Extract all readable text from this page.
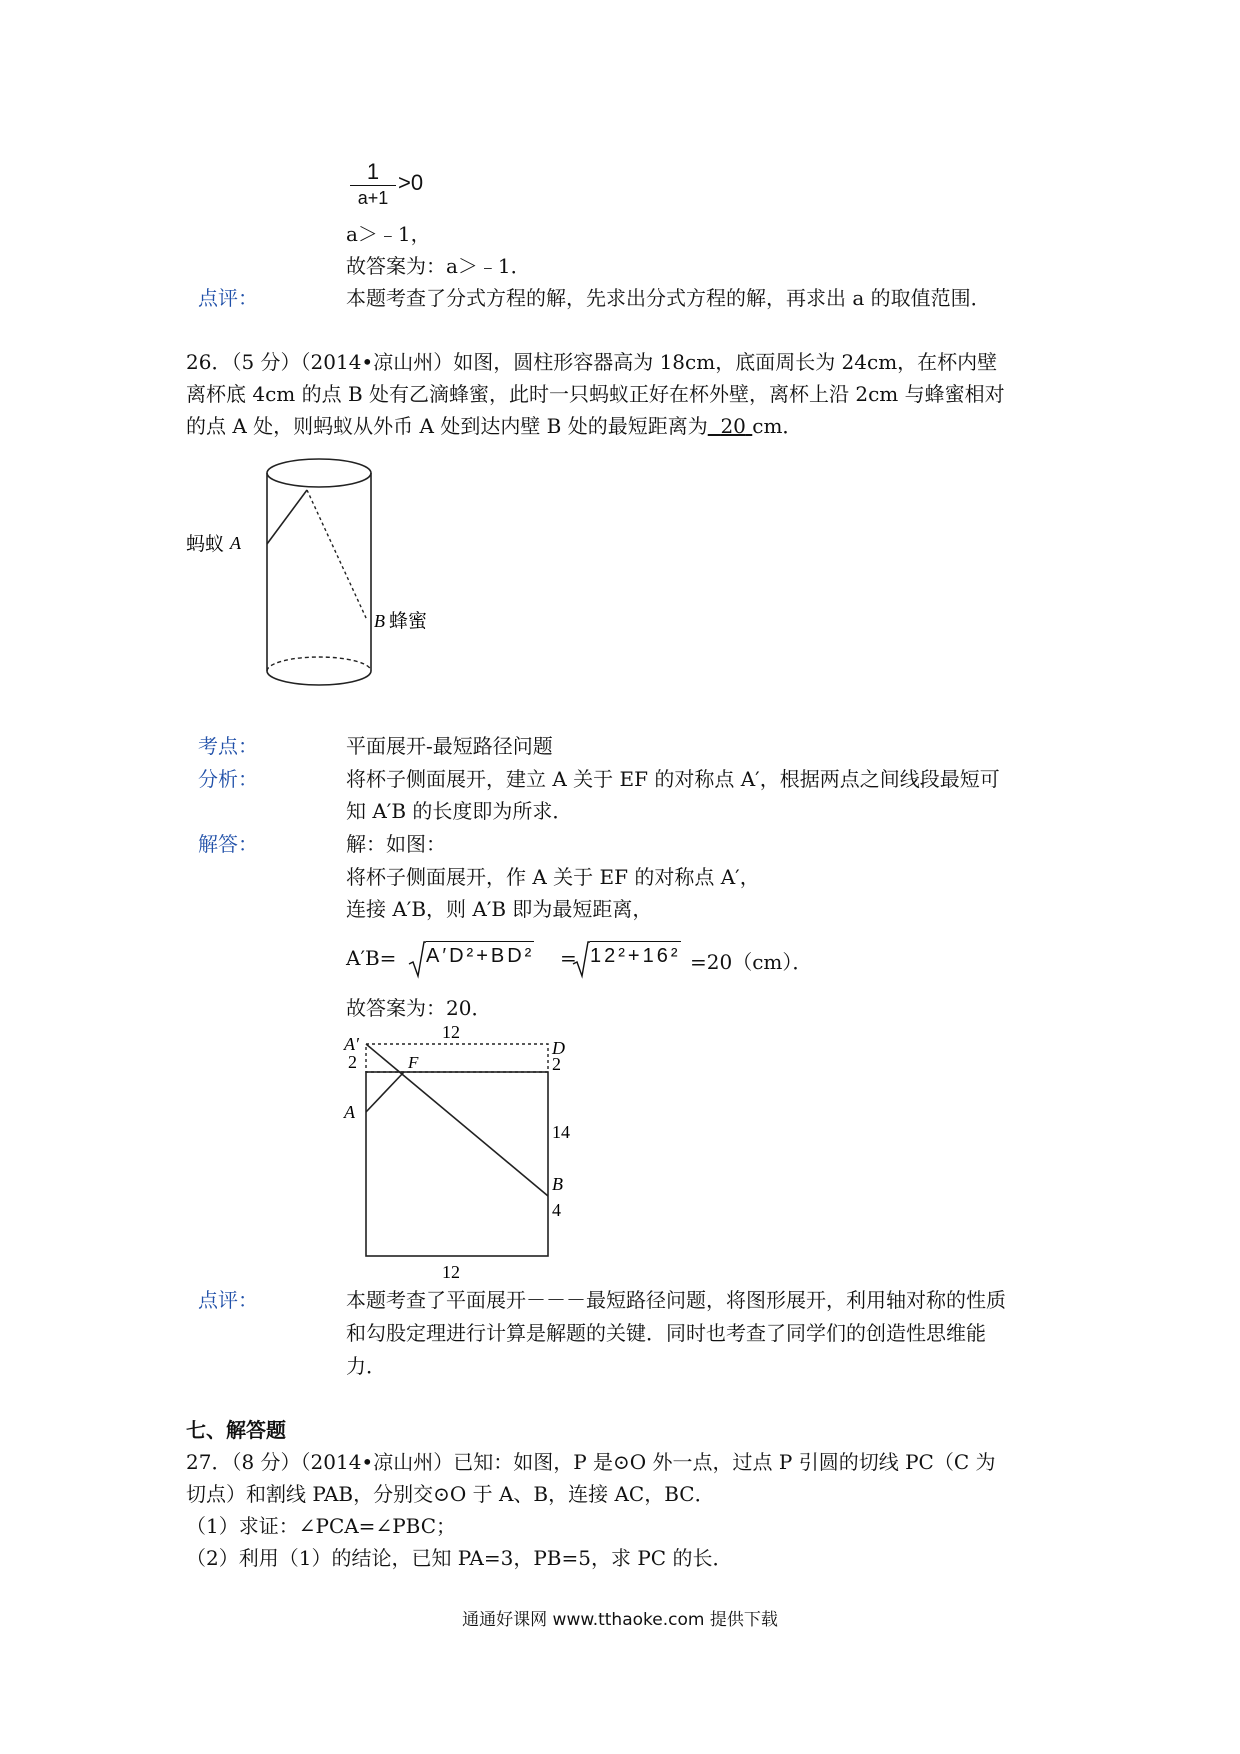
1
a+1
>0
a＞﹣1，
故答案为：a＞﹣1．
点评：	本题考查了分式方程的解，先求出分式方程的解，再求出 a 的取值范围．
26．（5 分）（2014•凉山州）如图，圆柱形容器高为 18cm，底面周长为 24cm，在杯内壁
离杯底 4cm 的点 B 处有乙滴蜂蜜，此时一只蚂蚁正好在杯外壁，离杯上沿 2cm 与蜂蜜相对
的点 A 处，则蚂蚁从外币 A 处到达内壁 B 处的最短距离为 20 cm．
蚂蚁 A
B 蜂蜜
考点：	平面展开-最短路径问题
分析：	将杯子侧面展开，建立 A 关于 EF 的对称点 A′，根据两点之间线段最短可
知 A′B 的长度即为所求．
解答：	解：如图：
将杯子侧面展开，作 A 关于 EF 的对称点 A′，
连接 A′B，则 A′B 即为最短距离，
A′B= A′D²+BD² = 12²+16² =20（cm）．
故答案为：20．
A′	D
F
A
B
12
2	2
14
4
12
点评：	本题考查了平面展开－－－最短路径问题，将图形展开，利用轴对称的性质
和勾股定理进行计算是解题的关键．同时也考查了同学们的创造性思维能
力．
七、解答题
27．（8 分）（2014•凉山州）已知：如图，P 是⊙O 外一点，过点 P 引圆的切线 PC（C 为
切点）和割线 PAB，分别交⊙O 于 A、B，连接 AC，BC．
（1）求证：∠PCA=∠PBC；
（2）利用（1）的结论，已知 PA=3，PB=5，求 PC 的长．
通通好课网 www.tthaoke.com 提供下载
